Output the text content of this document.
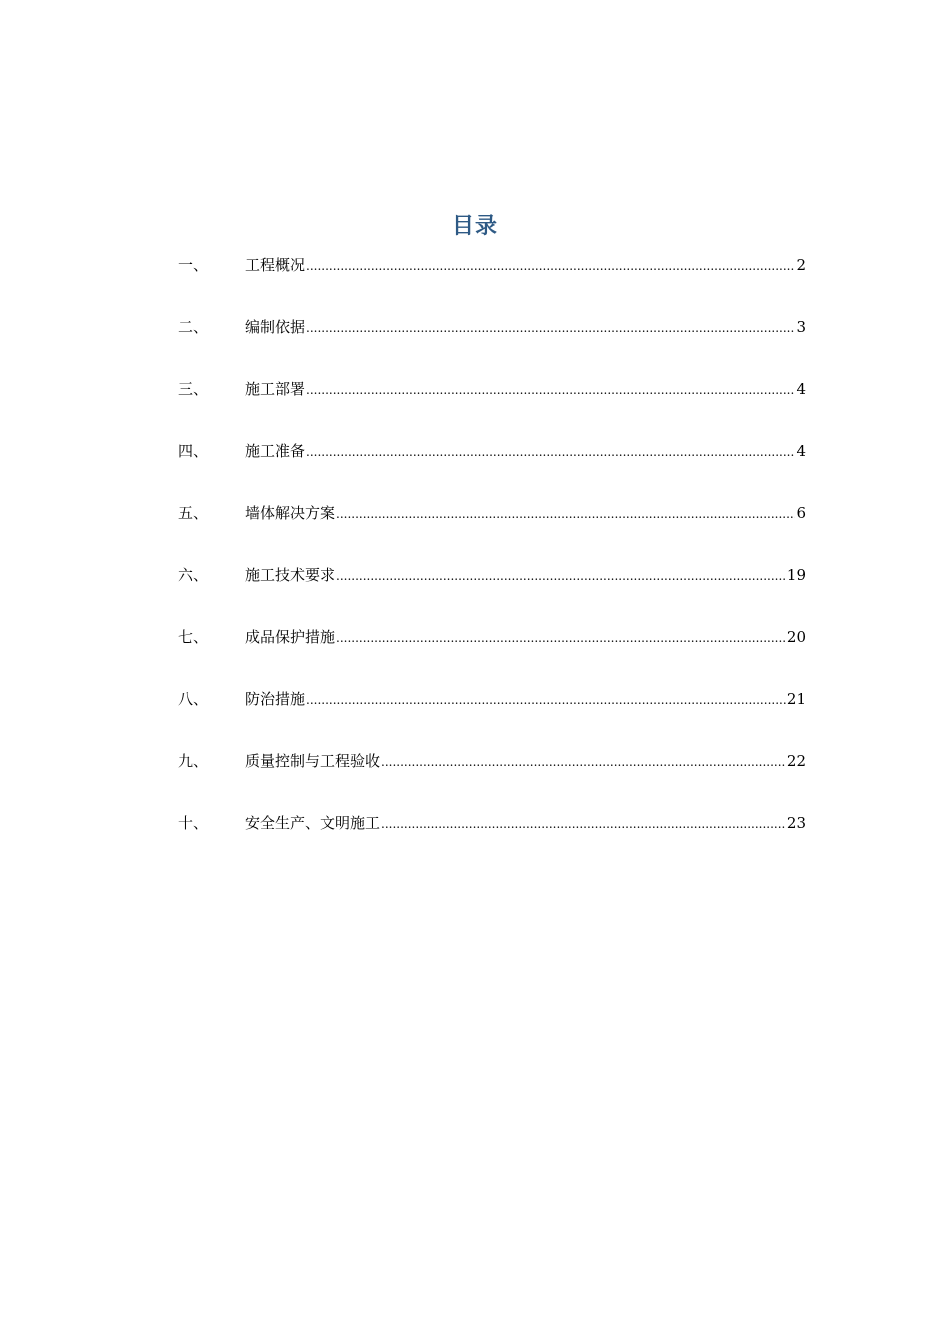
目录
一、	工程概况 .....	2
二、	编制依据 .....	3
三、	施工部署 .....	4
四、	施工准备 .....	4
五、	墙体解决方案 .....	6
六、	施工技术要求 .....	19
七、	成品保护措施 .....	20
八、	防治措施 .....	21
九、	质量控制与工程验收 .....	22
十、	安全生产、文明施工 .....	23
